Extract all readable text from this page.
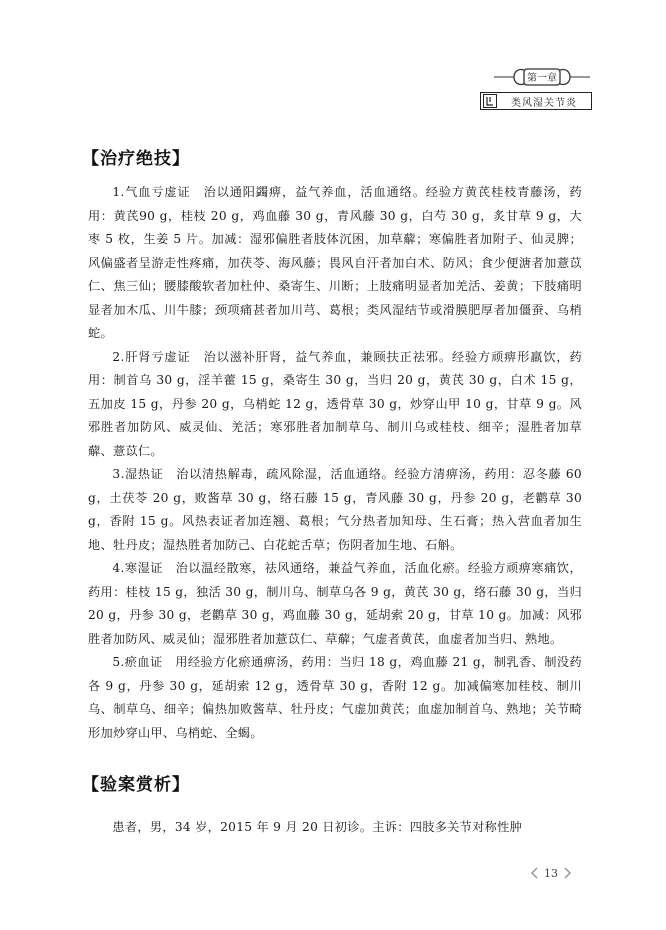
第一章
类风湿关节炎
【治疗绝技】

1.气血亏虚证　治以通阳蠲痹，益气养血，活血通络。经验方黄芪桂枝青藤汤，药用：黄芪90 g，桂枝 20 g，鸡血藤 30 g，青风藤 30 g，白芍 30 g，炙甘草 9 g，大枣 5 枚，生姜 5 片。加减：湿邪偏胜者肢体沉困，加草薢；寒偏胜者加附子、仙灵脾；风偏盛者呈游走性疼痛，加茯苓、海风藤；畏风自汗者加白术、防风；食少便溏者加薏苡仁、焦三仙；腰膝酸软者加杜仲、桑寄生、川断；上肢痛明显者加羌活、姜黄；下肢痛明显者加木瓜、川牛膝；颈项痛甚者加川芎、葛根；类风湿结节或滑膜肥厚者加僵蚕、乌梢蛇。

2.肝肾亏虚证　治以滋补肝肾，益气养血，兼顾扶正祛邪。经验方顽痹形羸饮，药用：制首乌 30 g，淫羊藿 15 g，桑寄生 30 g，当归 20 g，黄芪 30 g，白术 15 g，五加皮 15 g，丹参 20 g，乌梢蛇 12 g，透骨草 30 g，炒穿山甲 10 g，甘草 9 g。风邪胜者加防风、威灵仙、羌活；寒邪胜者加制草乌、制川乌或桂枝、细辛；湿胜者加草薢、薏苡仁。

3.湿热证　治以清热解毒，疏风除湿，活血通络。经验方清痹汤，药用：忍冬藤 60 g，土茯苓 20 g，败酱草 30 g，络石藤 15 g，青风藤 30 g，丹参 20 g，老鹳草 30 g，香附 15 g。风热表证者加连翘、葛根；气分热者加知母、生石膏；热入营血者加生地、牡丹皮；湿热胜者加防己、白花蛇舌草；伤阴者加生地、石斛。

4.寒湿证　治以温经散寒，祛风通络，兼益气养血，活血化瘀。经验方顽痹寒痛饮，药用：桂枝 15 g，独活 30 g，制川乌、制草乌各 9 g，黄芪 30 g，络石藤 30 g，当归 20 g，丹参 30 g，老鹳草 30 g，鸡血藤 30 g，延胡索 20 g，甘草 10 g。加减：风邪胜者加防风、威灵仙；湿邪胜者加薏苡仁、草薢；气虚者黄芪，血虚者加当归、熟地。

5.瘀血证　用经验方化瘀通痹汤，药用：当归 18 g，鸡血藤 21 g，制乳香、制没药各 9 g，丹参 30 g，延胡索 12 g，透骨草 30 g，香附 12 g。加减偏寒加桂枝、制川乌、制草乌、细辛；偏热加败酱草、牡丹皮；气虚加黄芪；血虚加制首乌、熟地；关节畸形加炒穿山甲、乌梢蛇、全蝎。

【验案赏析】

患者，男，34 岁，2015 年 9 月 20 日初诊。主诉：四肢多关节对称性肿

13
